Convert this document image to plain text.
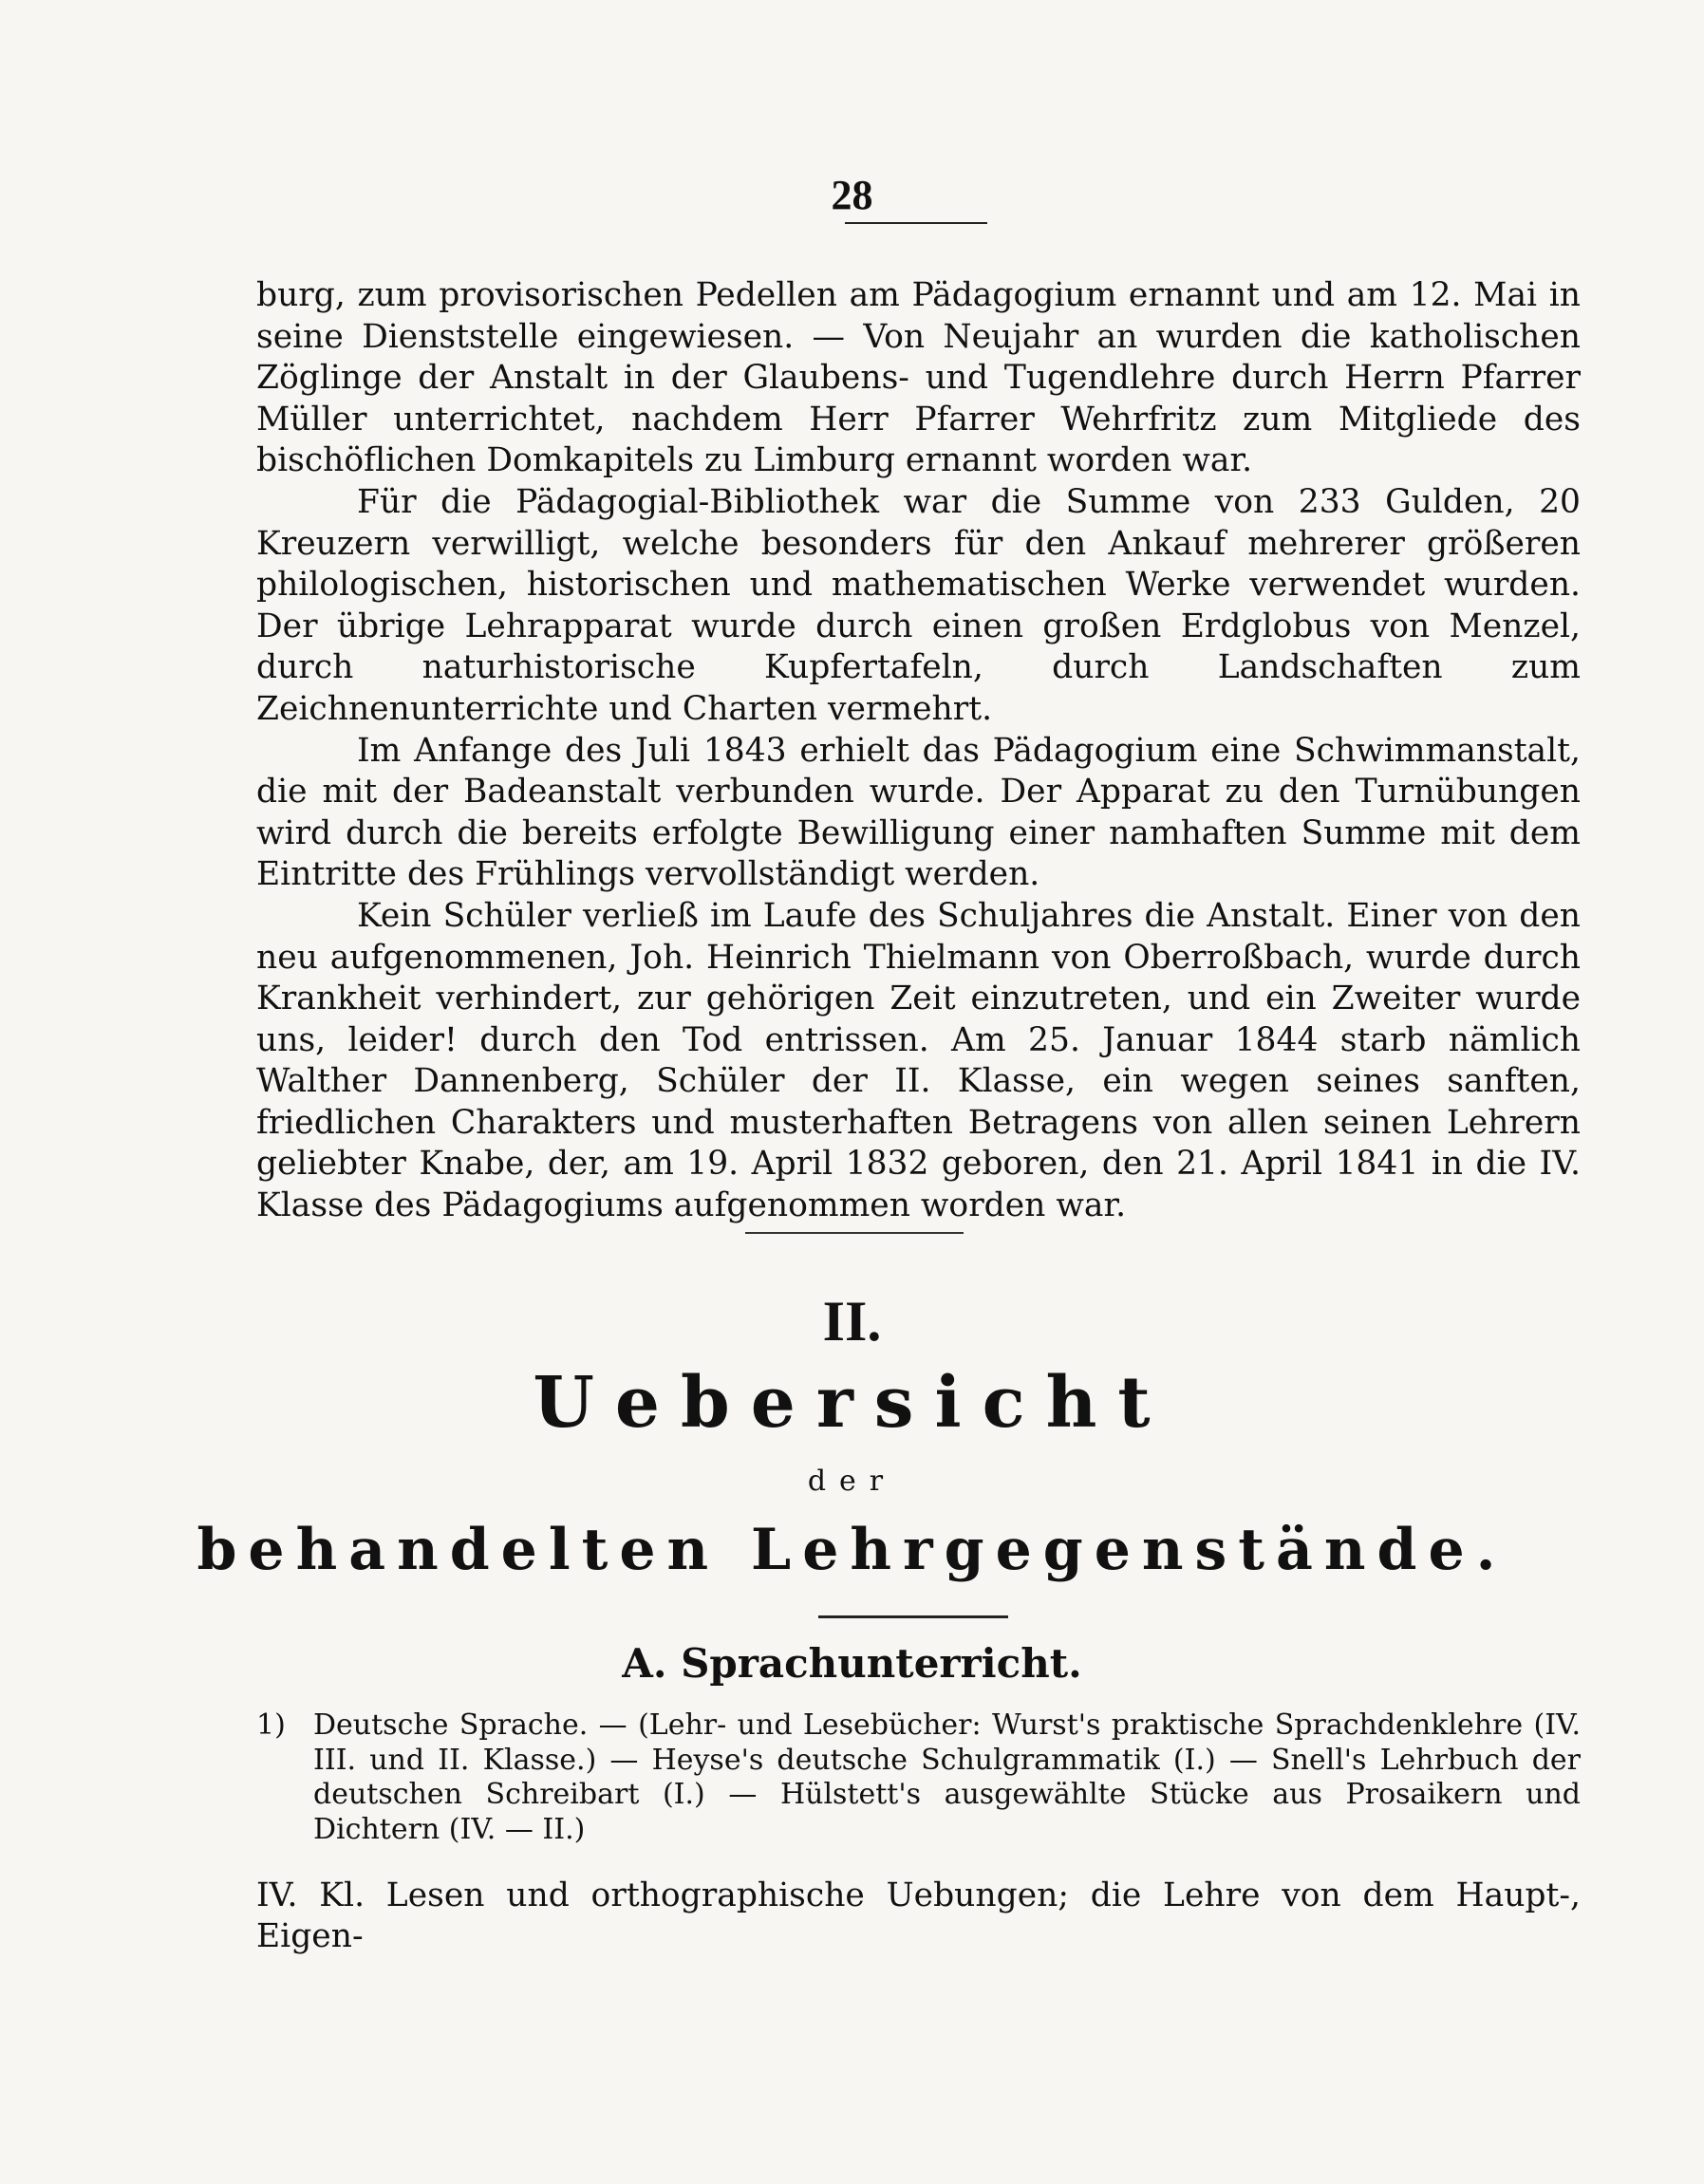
28

burg, zum provisorischen Pedellen am Pädagogium ernannt und am 12. Mai in seine Dienststelle eingewiesen. — Von Neujahr an wurden die katholischen Zöglinge der Anstalt in der Glaubens- und Tugendlehre durch Herrn Pfarrer Müller unterrichtet, nachdem Herr Pfarrer Wehrfritz zum Mitgliede des bischöflichen Domkapitels zu Limburg ernannt worden war.

Für die Pädagogial-Bibliothek war die Summe von 233 Gulden, 20 Kreuzern verwilligt, welche besonders für den Ankauf mehrerer größeren philologischen, historischen und mathematischen Werke verwendet wurden. Der übrige Lehrapparat wurde durch einen großen Erdglobus von Menzel, durch naturhistorische Kupfertafeln, durch Landschaften zum Zeichnenunterrichte und Charten vermehrt.

Im Anfange des Juli 1843 erhielt das Pädagogium eine Schwimmanstalt, die mit der Badeanstalt verbunden wurde. Der Apparat zu den Turnübungen wird durch die bereits erfolgte Bewilligung einer namhaften Summe mit dem Eintritte des Frühlings vervollständigt werden.

Kein Schüler verließ im Laufe des Schuljahres die Anstalt. Einer von den neu aufgenommenen, Joh. Heinrich Thielmann von Oberroßbach, wurde durch Krankheit verhindert, zur gehörigen Zeit einzutreten, und ein Zweiter wurde uns, leider! durch den Tod entrissen. Am 25. Januar 1844 starb nämlich Walther Dannenberg, Schüler der II. Klasse, ein wegen seines sanften, friedlichen Charakters und musterhaften Betragens von allen seinen Lehrern geliebter Knabe, der, am 19. April 1832 geboren, den 21. April 1841 in die IV. Klasse des Pädagogiums aufgenommen worden war.

II.
Uebersicht
der
behandelten Lehrgegenstände.
A. Sprachunterricht.
1) Deutsche Sprache. — (Lehr- und Lesebücher: Wurst's praktische Sprachdenklehre (IV. III. und II. Klasse.) — Heyse's deutsche Schulgrammatik (I.) — Snell's Lehrbuch der deutschen Schreibart (I.) — Hülstett's ausgewählte Stücke aus Prosaikern und Dichtern (IV. — II.)
IV. Kl. Lesen und orthographische Uebungen; die Lehre von dem Haupt-, Eigen-
